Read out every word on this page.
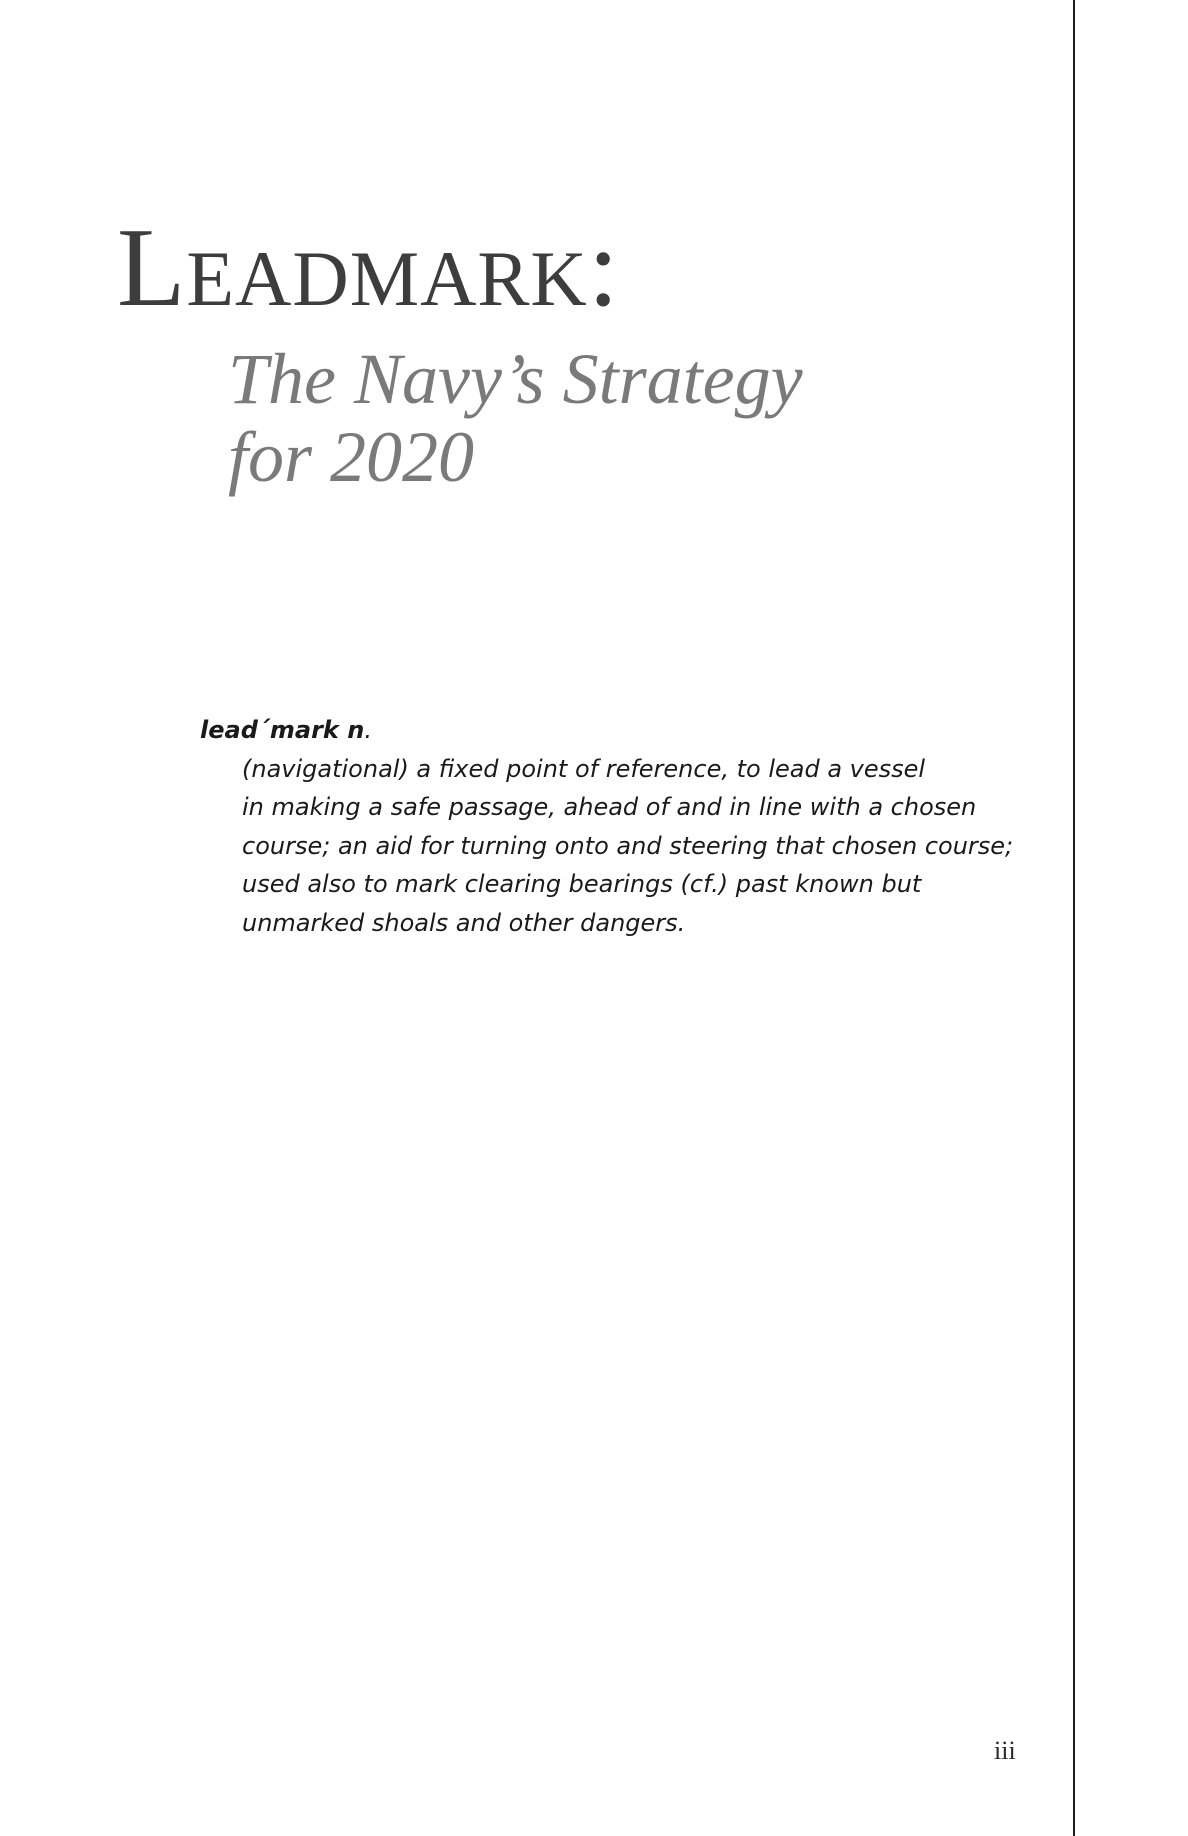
Leadmark:
The Navy’s Strategy
for 2020

lead´mark n. (navigational) a fixed point of reference, to lead a vessel
in making a safe passage, ahead of and in line with a chosen
course; an aid for turning onto and steering that chosen course;
used also to mark clearing bearings (cf.) past known but
unmarked shoals and other dangers.

iii
